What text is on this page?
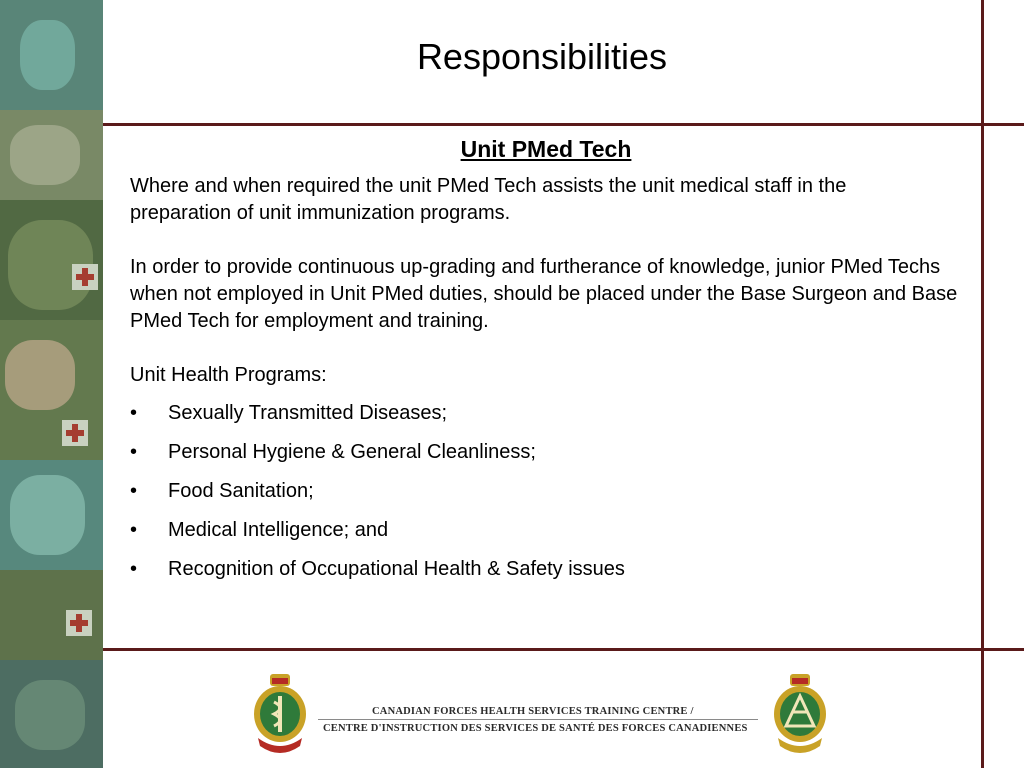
Responsibilities
Unit PMed Tech

Where and when required the unit PMed Tech assists the unit medical staff in the preparation of unit immunization programs.

In order to provide continuous up-grading and furtherance of knowledge, junior PMed Techs when not employed in Unit PMed duties, should be placed under the Base Surgeon and Base PMed Tech for employment and training.

Unit Health Programs:
• Sexually Transmitted Diseases;
• Personal Hygiene & General Cleanliness;
• Food Sanitation;
• Medical Intelligence; and
• Recognition of Occupational Health & Safety issues
CANADIAN FORCES HEALTH SERVICES TRAINING CENTRE /
CENTRE D'INSTRUCTION DES SERVICES DE SANTÉ DES FORCES CANADIENNES
